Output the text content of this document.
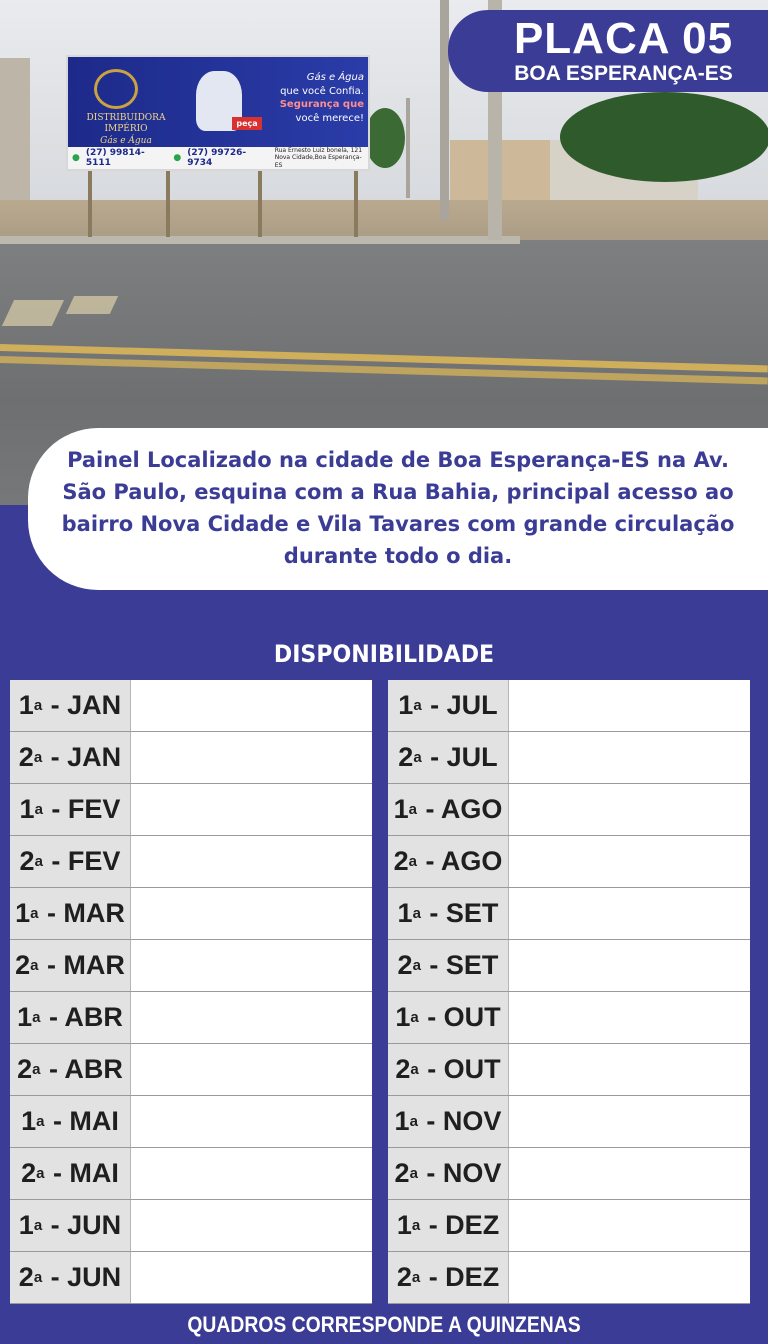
DISTRIBUIDORA IMPÉRIO
Gás e Água
peça
Gás e Água
que você Confia.
Segurança que
você merece!
● (27) 99814-5111	● (27) 99726-9734
Rua Ernesto Luiz bonela, 121 Nova Cidade,Boa Esperança-ES
PLACA 05
BOA ESPERANÇA-ES

Painel Localizado na cidade de Boa Esperança-ES na Av. São Paulo, esquina com a Rua Bahia, principal acesso ao bairro Nova Cidade e Vila Tavares com grande circulação durante todo o dia.

DISPONIBILIDADE
1 a - JAN
2 a - JAN
1 a - FEV
2 a - FEV
1 a - MAR
2 a - MAR
1 a - ABR
2 a - ABR
1 a - MAI
2 a - MAI
1 a - JUN
2 a - JUN
1 a - JUL
2 a - JUL
1 a - AGO
2 a - AGO
1 a - SET
2 a - SET
1 a - OUT
2 a - OUT
1 a - NOV
2 a - NOV
1 a - DEZ
2 a - DEZ
QUADROS CORRESPONDE A QUINZENAS
